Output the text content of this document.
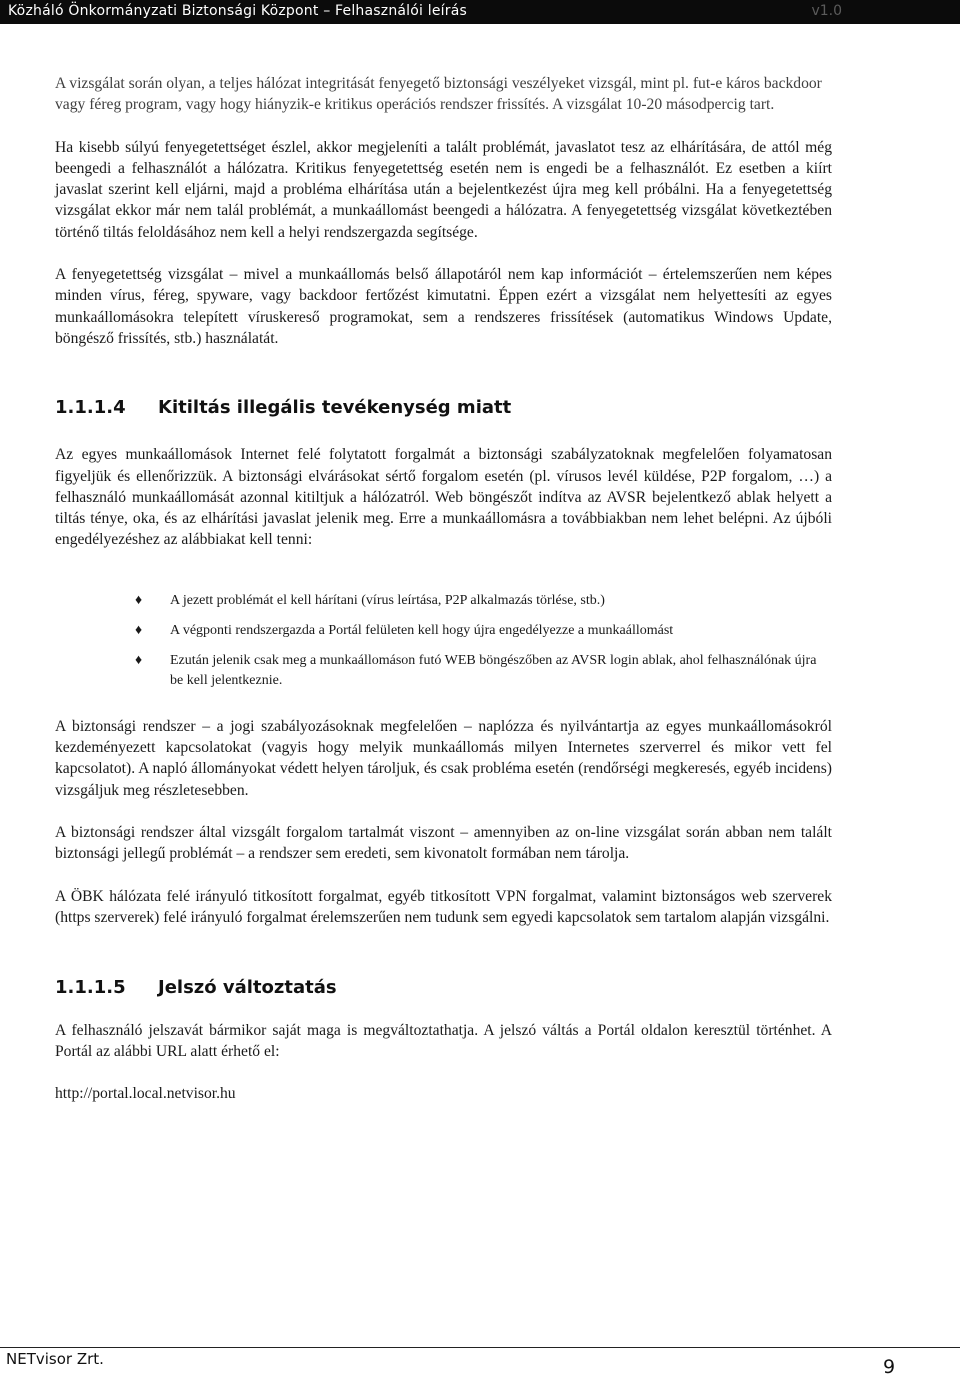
Közháló Önkormányzati Biztonsági Központ – Felhasználói leírás	v1.0

A vizsgálat során olyan, a teljes hálózat integritását fenyegető biztonsági veszélyeket vizsgál, mint pl. fut-e káros backdoor vagy féreg program, vagy hogy hiányzik-e kritikus operációs rendszer frissítés. A vizsgálat 10-20 másodpercig tart.

Ha kisebb súlyú fenyegetettséget észlel, akkor megjeleníti a talált problémát, javaslatot tesz az elhárítására, de attól még beengedi a felhasználót a hálózatra. Kritikus fenyegetettség esetén nem is engedi be a felhasználót. Ez esetben a kiírt javaslat szerint kell eljárni, majd a probléma elhárítása után a bejelentkezést újra meg kell próbálni. Ha a fenyegetettség vizsgálat ekkor már nem talál problémát, a munkaállomást beengedi a hálózatra. A fenyegetettség vizsgálat következtében történő tiltás feloldásához nem kell a helyi rendszergazda segítsége.

A fenyegetettség vizsgálat – mivel a munkaállomás belső állapotáról nem kap információt – értelemszerűen nem képes minden vírus, féreg, spyware, vagy backdoor fertőzést kimutatni. Éppen ezért a vizsgálat nem helyettesíti az egyes munkaállomásokra telepített víruskereső programokat, sem a rendszeres frissítések (automatikus Windows Update, böngésző frissítés, stb.) használatát.

1.1.1.4 Kitiltás illegális tevékenység miatt

Az egyes munkaállomások Internet felé folytatott forgalmát a biztonsági szabályzatoknak megfelelően folyamatosan figyeljük és ellenőrizzük. A biztonsági elvárásokat sértő forgalom esetén (pl. vírusos levél küldése, P2P forgalom, …) a felhasználó munkaállomását azonnal kitiltjuk a hálózatról. Web böngészőt indítva az AVSR bejelentkező ablak helyett a tiltás ténye, oka, és az elhárítási javaslat jelenik meg. Erre a munkaállomásra a továbbiakban nem lehet belépni. Az újbóli engedélyezéshez az alábbiakat kell tenni:

♦ A jezett problémát el kell hárítani (vírus leírtása, P2P alkalmazás törlése, stb.)
♦ A végponti rendszergazda a Portál felületen kell hogy újra engedélyezze a munkaállomást
♦ Ezután jelenik csak meg a munkaállomáson futó WEB böngészőben az AVSR login ablak, ahol felhasználónak újra be kell jelentkeznie.

A biztonsági rendszer – a jogi szabályozásoknak megfelelően – naplózza és nyilvántartja az egyes munkaállomásokról kezdeményezett kapcsolatokat (vagyis hogy melyik munkaállomás milyen Internetes szerverrel és mikor vett fel kapcsolatot). A napló állományokat védett helyen tároljuk, és csak probléma esetén (rendőrségi megkeresés, egyéb incidens) vizsgáljuk meg részletesebben.

A biztonsági rendszer által vizsgált forgalom tartalmát viszont – amennyiben az on-line vizsgálat során abban nem talált biztonsági jellegű problémát – a rendszer sem eredeti, sem kivonatolt formában nem tárolja.

A ÖBK hálózata felé irányuló titkosított forgalmat, egyéb titkosított VPN forgalmat, valamint biztonságos web szerverek (https szerverek) felé irányuló forgalmat érelemszerűen nem tudunk sem egyedi kapcsolatok sem tartalom alapján vizsgálni.

1.1.1.5 Jelszó változtatás

A felhasználó jelszavát bármikor saját maga is megváltoztathatja. A jelszó váltás a Portál oldalon keresztül történhet. A Portál az alábbi URL alatt érhető el:

http://portal.local.netvisor.hu
NETvisor Zrt.	9
